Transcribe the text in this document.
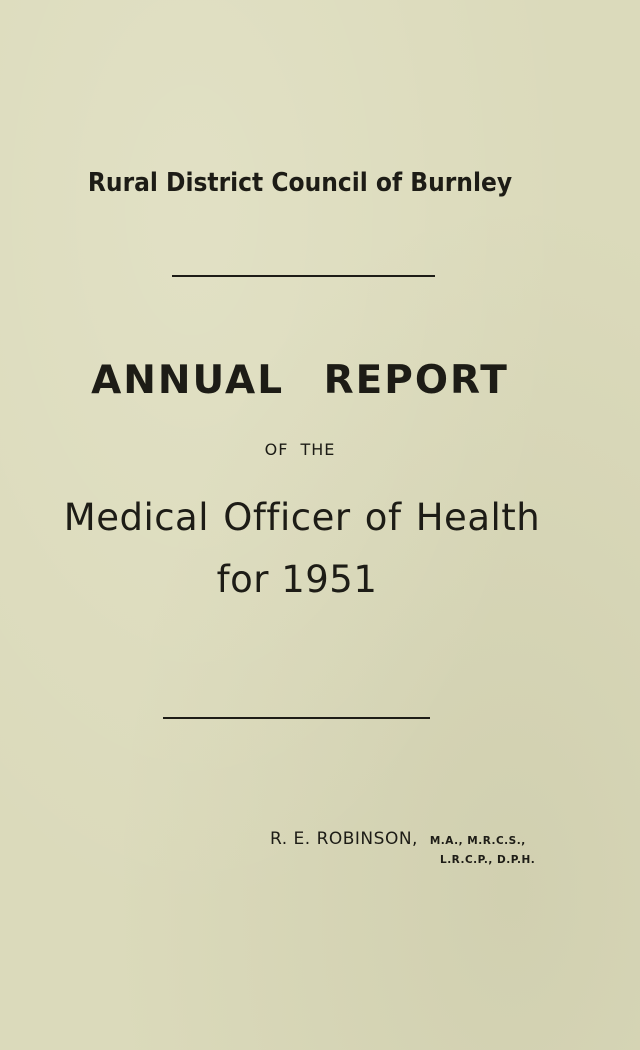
Rural District Council of Burnley
ANNUAL REPORT
OF THE
Medical Officer of Health
for 1951
R. E. ROBINSON, M.A., M.R.C.S.,
L.R.C.P., D.P.H.
